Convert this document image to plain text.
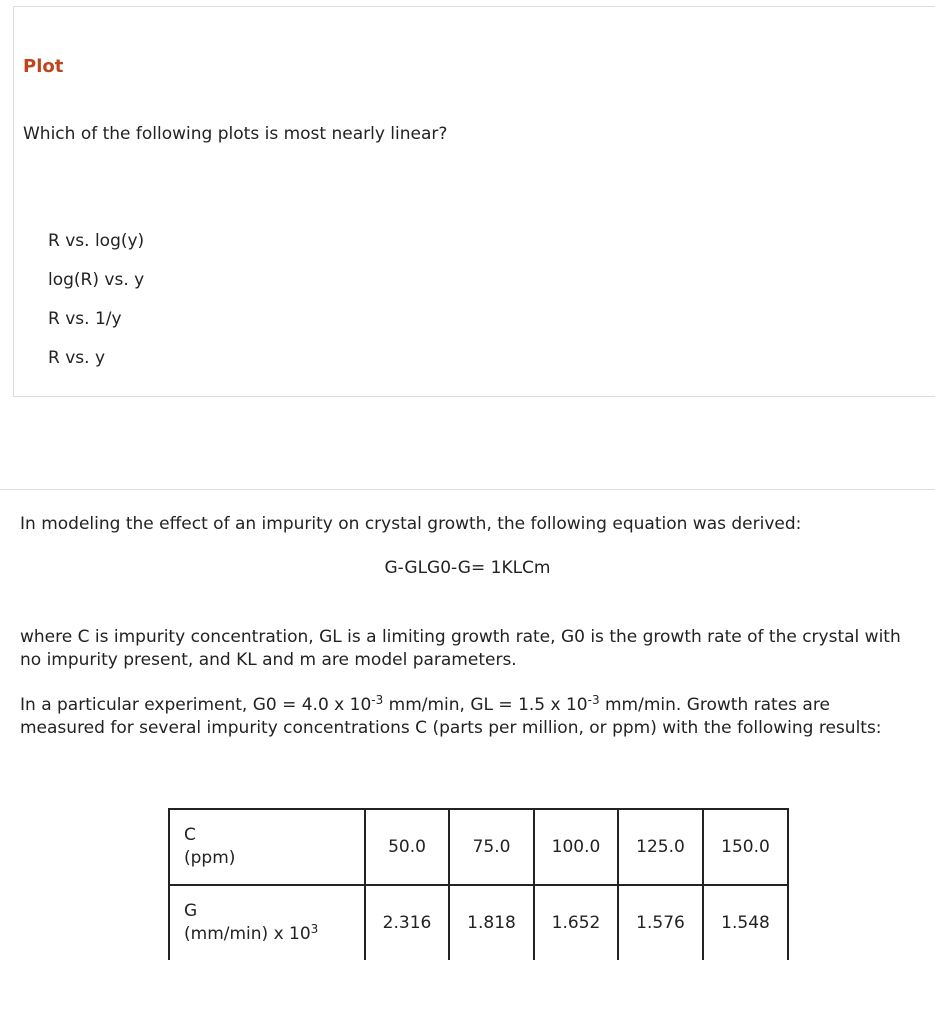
Plot

Which of the following plots is most nearly linear?

R vs. log(y)
log(R) vs. y
R vs. 1/y
R vs. y

In modeling the effect of an impurity on crystal growth, the following equation was derived:

G-GLG0-G= 1KLCm

where C is impurity concentration, GL is a limiting growth rate, G0 is the growth rate of the crystal with no impurity present, and KL and m are model parameters.

In a particular experiment, G0 = 4.0 x $10^{-3}$ mm/min, GL = 1.5 x $10^{-3}$ mm/min. Growth rates are measured for several impurity concentrations C (parts per million, or ppm) with the following results:

C
(ppm)	50.0	75.0	100.0	125.0	150.0

G
(mm/min) x $10^3$	2.316	1.818	1.652	1.576	1.548
